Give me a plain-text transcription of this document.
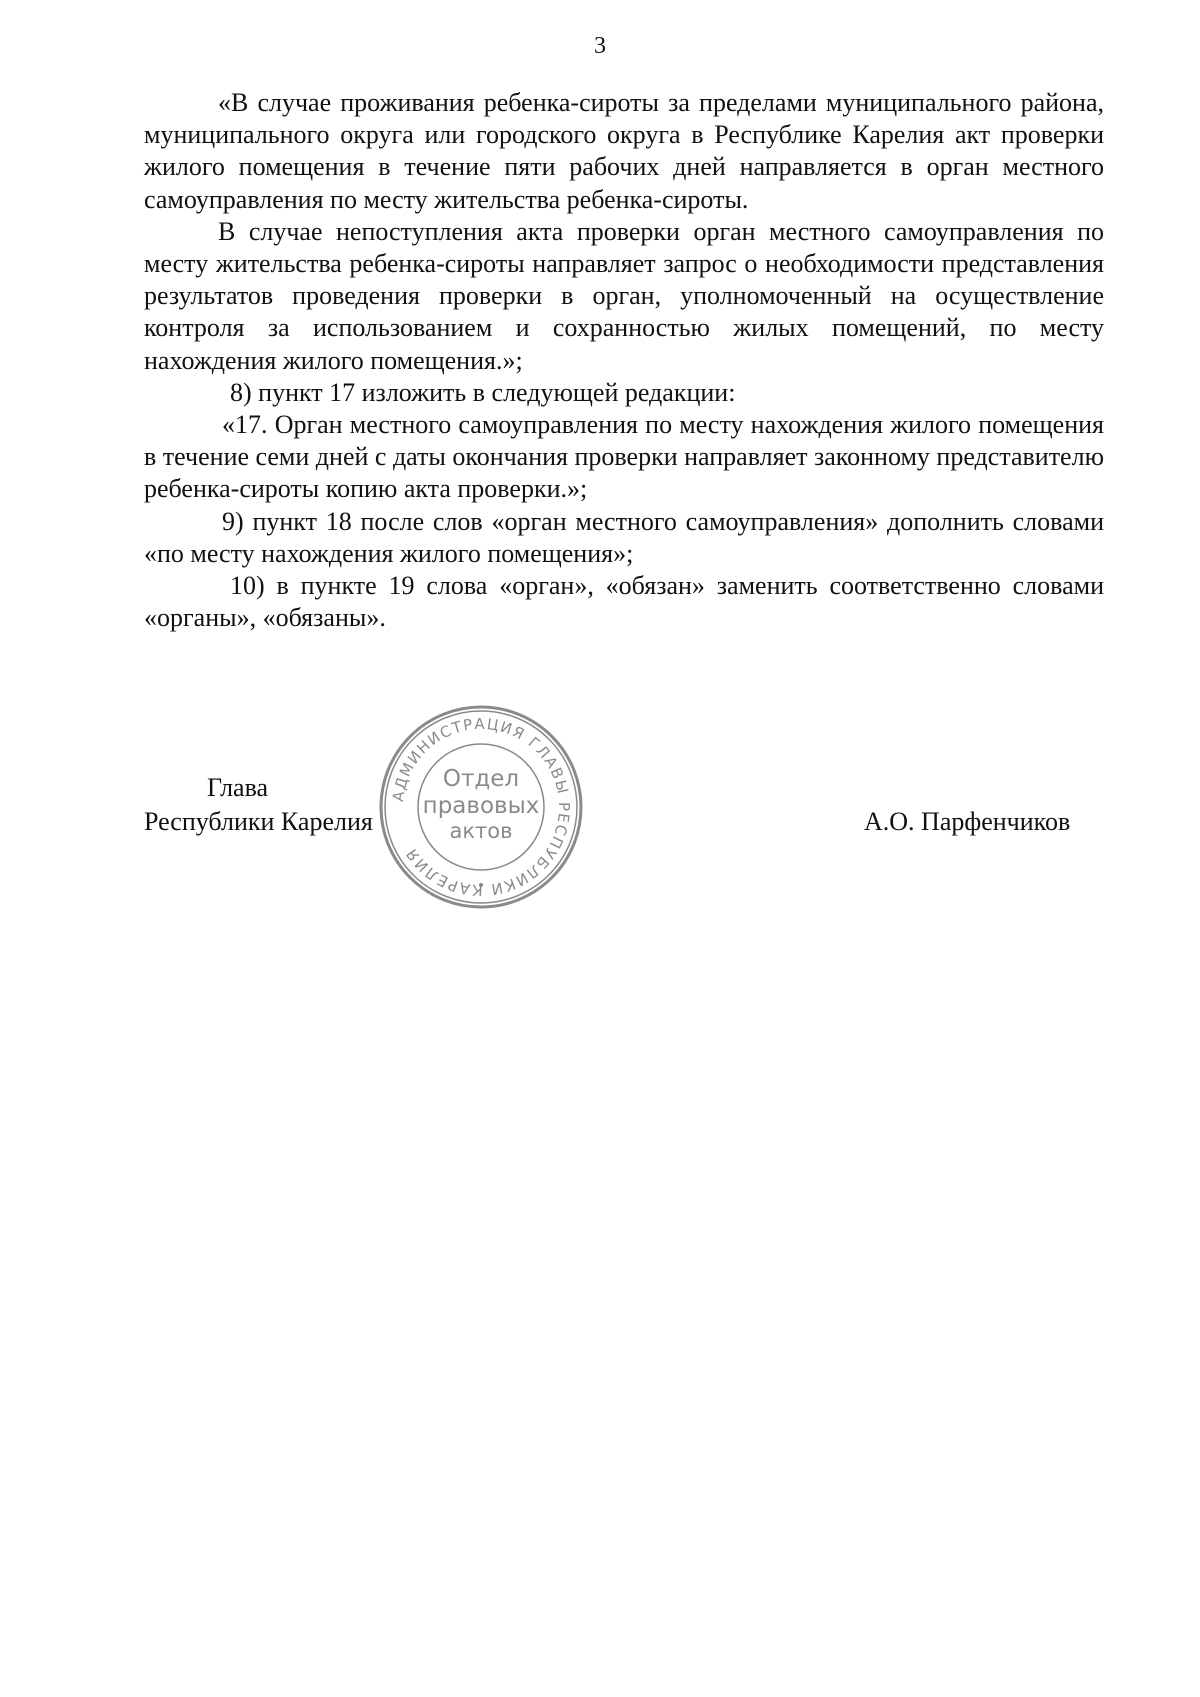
3

«В случае проживания ребенка-сироты за пределами муниципального района, муниципального округа или городского округа в Республике Карелия акт проверки жилого помещения в течение пяти рабочих дней направляется в орган местного самоуправления по месту жительства ребенка-сироты.

В случае непоступления акта проверки орган местного самоуправления по месту жительства ребенка-сироты направляет запрос о необходимости представления результатов проведения проверки в орган, уполномоченный на осуществление контроля за использованием и сохранностью жилых помещений, по месту нахождения жилого помещения.»;

8) пункт 17 изложить в следующей редакции:

«17. Орган местного самоуправления по месту нахождения жилого помещения в течение семи дней с даты окончания проверки направляет законному представителю ребенка-сироты копию акта проверки.»;

9) пункт 18 после слов «орган местного самоуправления» дополнить словами «по месту нахождения жилого помещения»;

10) в пункте 19 слова «орган», «обязан» заменить соответственно словами «органы», «обязаны».

Глава
Республики Карелия	А.О. Парфенчиков
АДМИНИСТРАЦИЯ ГЛАВЫ РЕСПУБЛИКИ КАРЕЛИЯ
Отдел
правовых
актов
